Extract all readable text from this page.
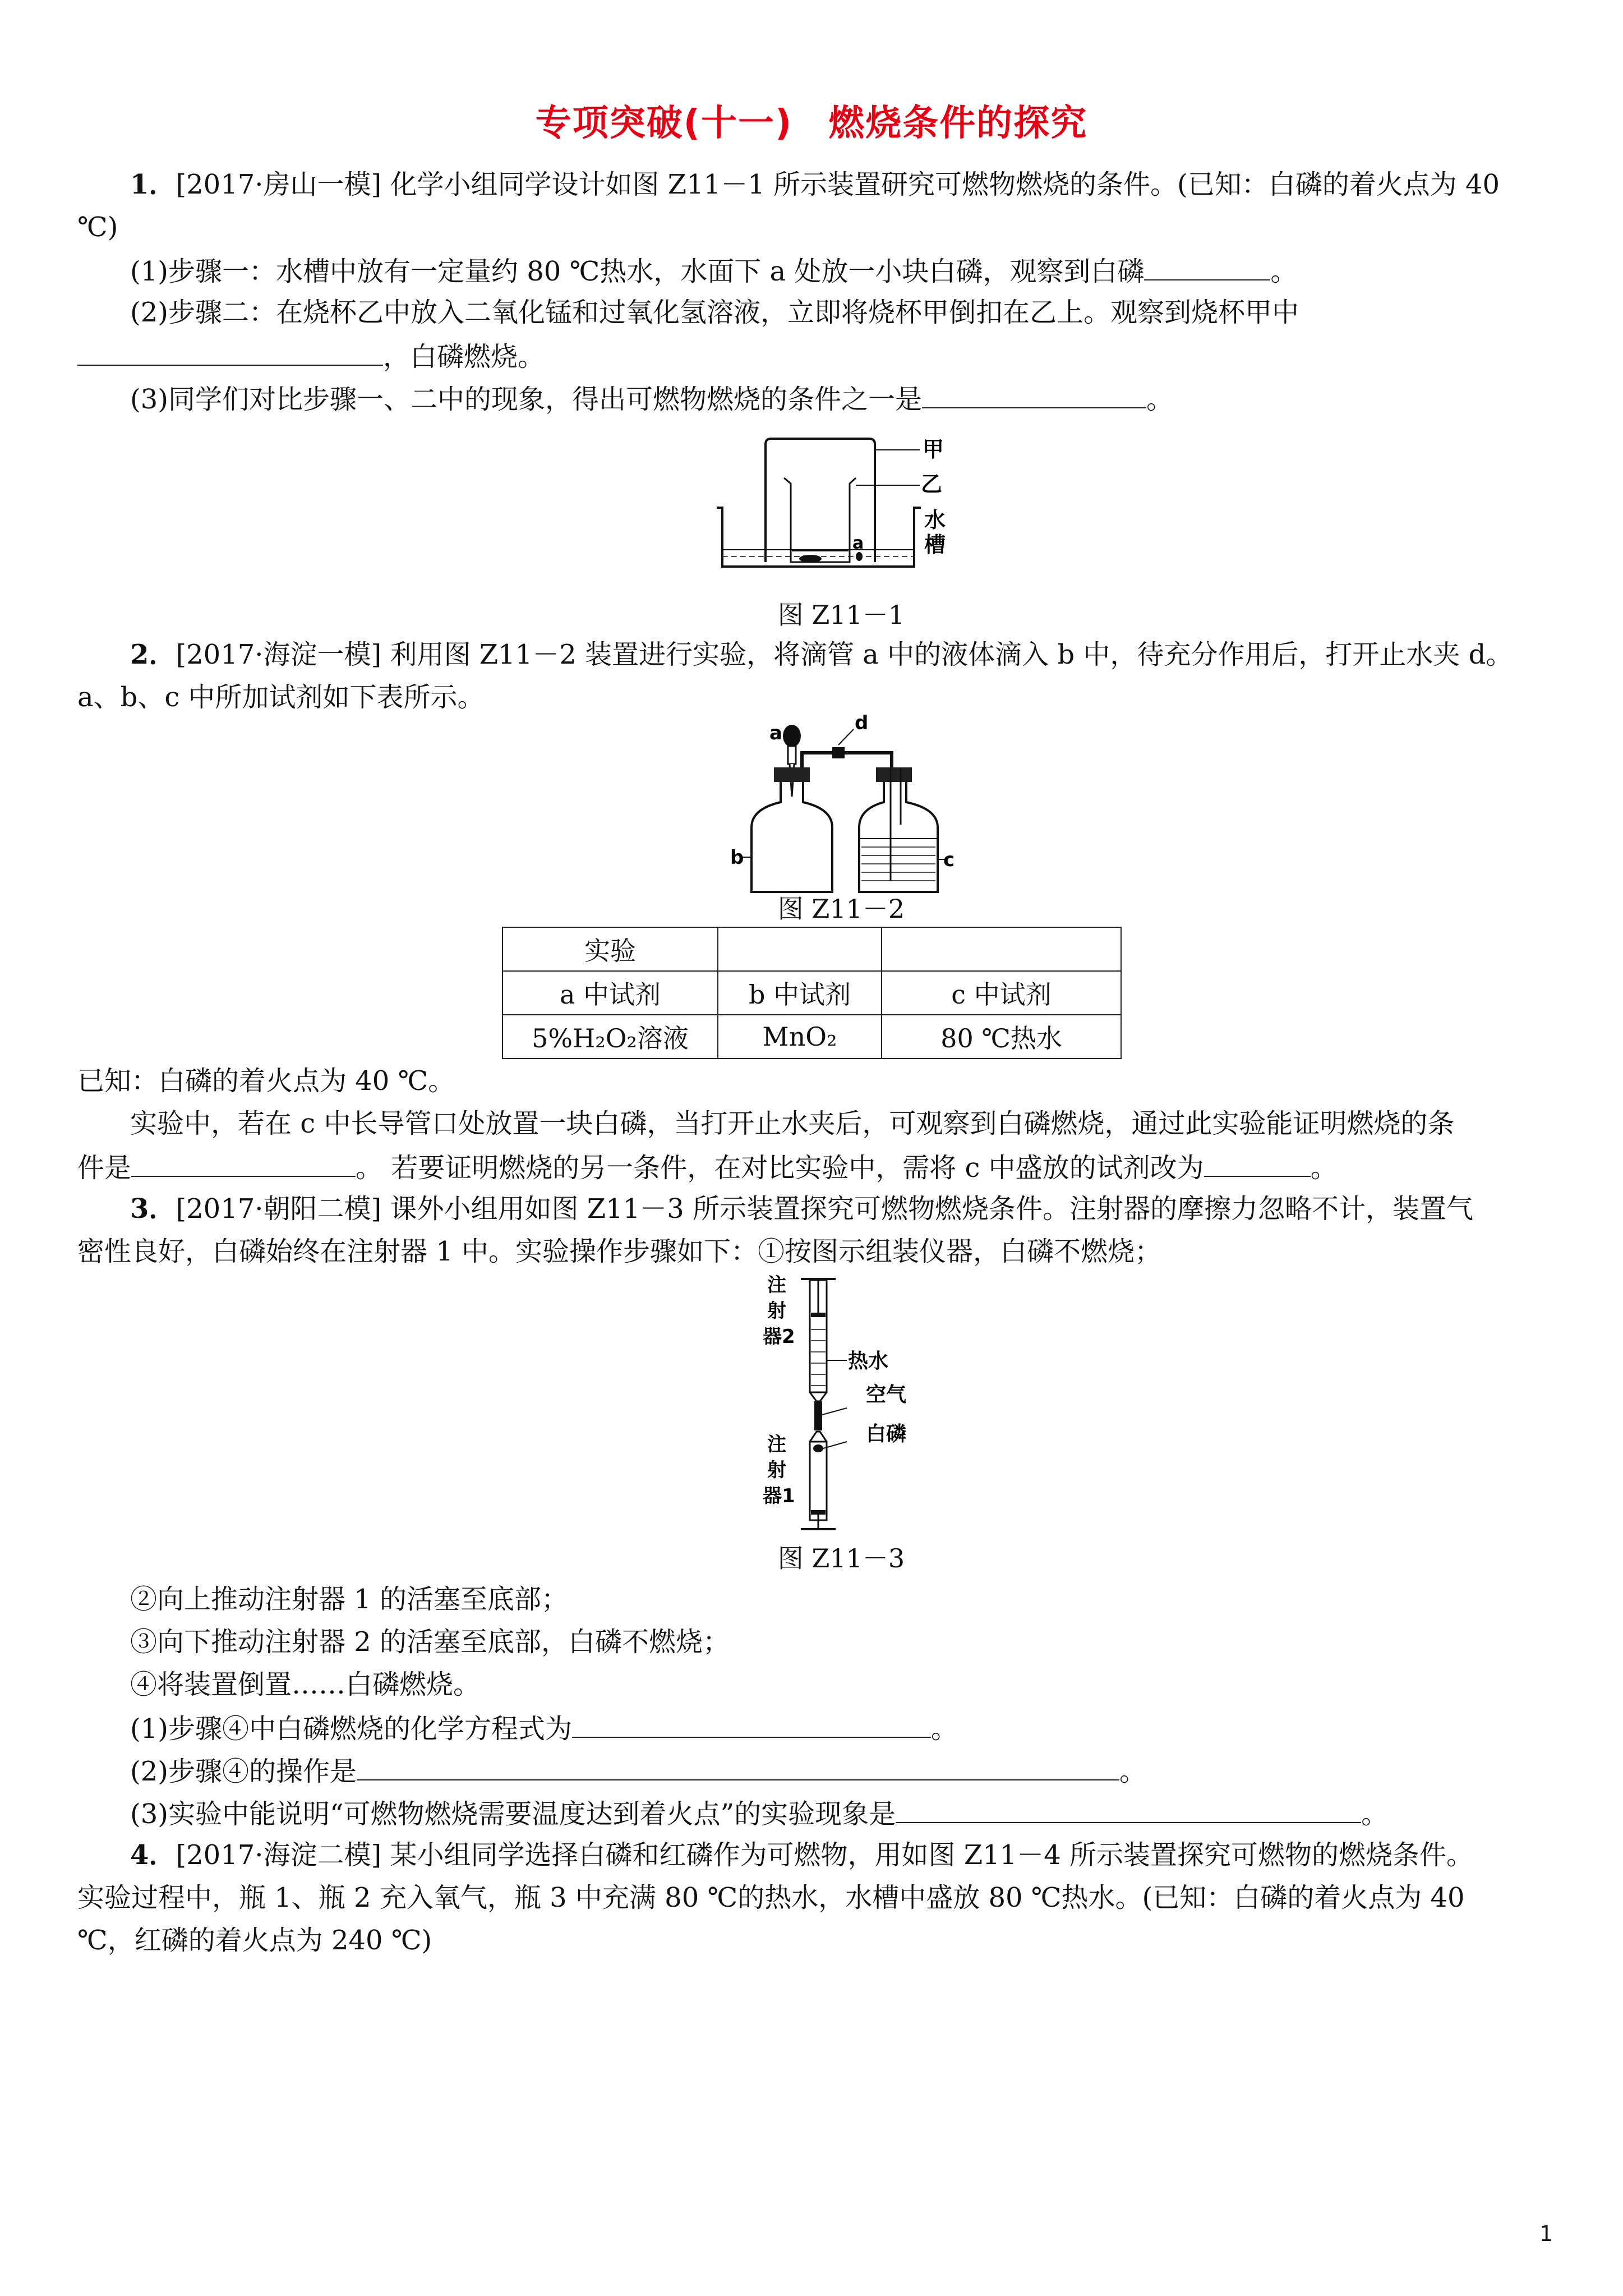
专项突破(十一) 燃烧条件的探究
1．[2017·房山一模] 化学小组同学设计如图 Z11－1 所示装置研究可燃物燃烧的条件。(已知：白磷的着火点为 40
℃)
(1)步骤一：水槽中放有一定量约 80 ℃热水，水面下 a 处放一小块白磷，观察到白磷	。
(2)步骤二：在烧杯乙中放入二氧化锰和过氧化氢溶液，立即将烧杯甲倒扣在乙上。观察到烧杯甲中
，白磷燃烧。
(3)同学们对比步骤一、二中的现象，得出可燃物燃烧的条件之一是	。
甲
乙
水
槽
a
图 Z11－1
2．[2017·海淀一模] 利用图 Z11－2 装置进行实验，将滴管 a 中的液体滴入 b 中，待充分作用后，打开止水夹 d。
a、b、c 中所加试剂如下表所示。
a	d
b	c
图 Z11－2
实验		
a 中试剂	b 中试剂	c 中试剂
5%H₂O₂溶液	MnO₂	80 ℃热水
已知：白磷的着火点为 40 ℃。
实验中，若在 c 中长导管口处放置一块白磷，当打开止水夹后，可观察到白磷燃烧，通过此实验能证明燃烧的条
件是	。 若要证明燃烧的另一条件，在对比实验中，需将 c 中盛放的试剂改为	。
3．[2017·朝阳二模] 课外小组用如图 Z11－3 所示装置探究可燃物燃烧条件。注射器的摩擦力忽略不计，装置气
密性良好，白磷始终在注射器 1 中。实验操作步骤如下：①按图示组装仪器，白磷不燃烧；
注
射
器2
热水
空气
白磷
注
射
器1
图 Z11－3
②向上推动注射器 1 的活塞至底部；
③向下推动注射器 2 的活塞至底部，白磷不燃烧；
④将装置倒置……白磷燃烧。
(1)步骤④中白磷燃烧的化学方程式为	。
(2)步骤④的操作是	。
(3)实验中能说明“可燃物燃烧需要温度达到着火点”的实验现象是	。
4．[2017·海淀二模] 某小组同学选择白磷和红磷作为可燃物，用如图 Z11－4 所示装置探究可燃物的燃烧条件。
实验过程中，瓶 1、瓶 2 充入氧气，瓶 3 中充满 80 ℃的热水，水槽中盛放 80 ℃热水。(已知：白磷的着火点为 40
℃，红磷的着火点为 240 ℃)
1
